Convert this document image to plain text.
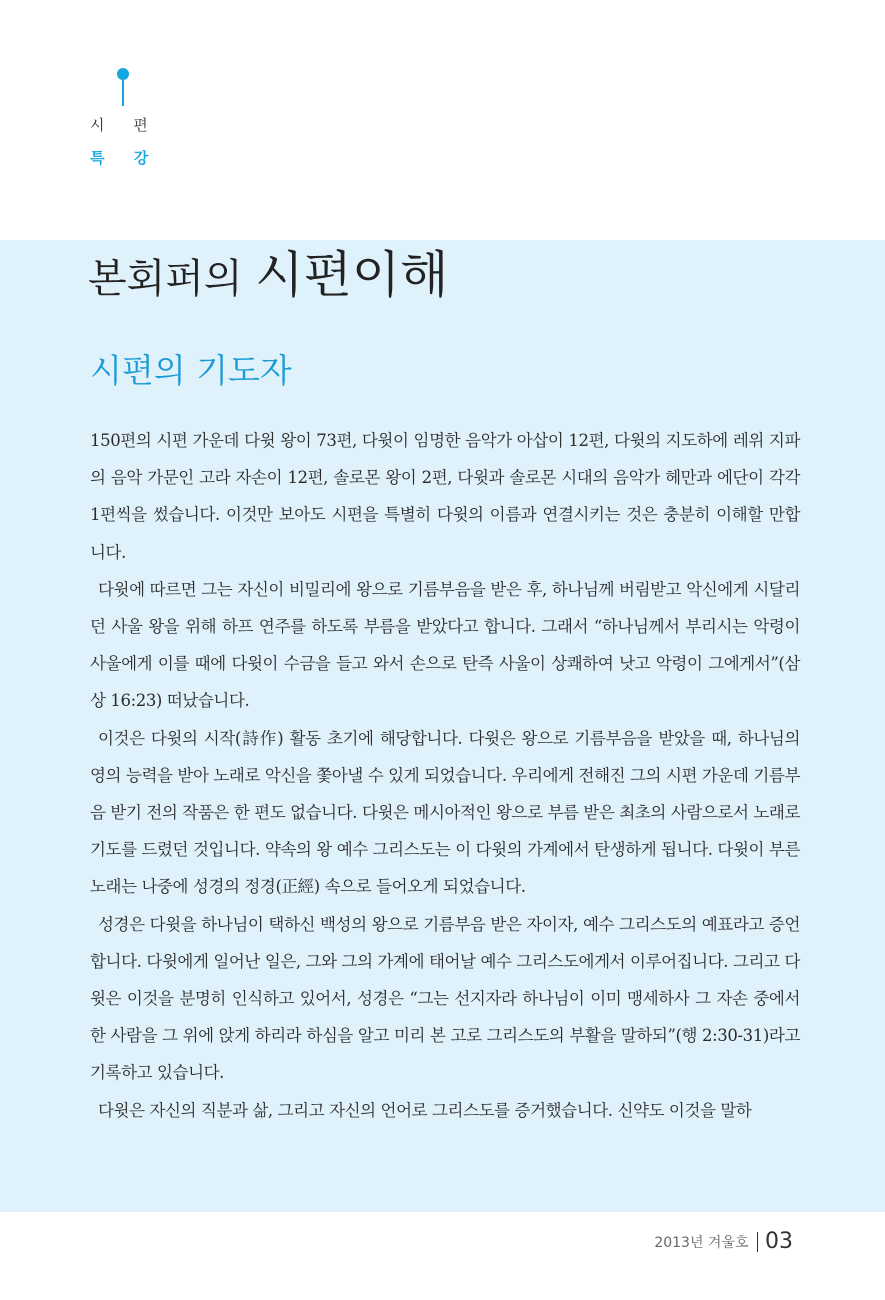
시 편
특 강
본회퍼의 시편이해
시편의 기도자

150편의 시편 가운데 다윗 왕이 73편, 다윗이 임명한 음악가 아삽이 12편, 다윗의 지도하에 레위 지파의 음악 가문인 고라 자손이 12편, 솔로몬 왕이 2편, 다윗과 솔로몬 시대의 음악가 헤만과 에단이 각각 1편씩을 썼습니다. 이것만 보아도 시편을 특별히 다윗의 이름과 연결시키는 것은 충분히 이해할 만합니다.

다윗에 따르면 그는 자신이 비밀리에 왕으로 기름부음을 받은 후, 하나님께 버림받고 악신에게 시달리던 사울 왕을 위해 하프 연주를 하도록 부름을 받았다고 합니다. 그래서 “하나님께서 부리시는 악령이 사울에게 이를 때에 다윗이 수금을 들고 와서 손으로 탄즉 사울이 상쾌하여 낫고 악령이 그에게서”(삼상 16:23) 떠났습니다.

이것은 다윗의 시작(詩作) 활동 초기에 해당합니다. 다윗은 왕으로 기름부음을 받았을 때, 하나님의 영의 능력을 받아 노래로 악신을 쫓아낼 수 있게 되었습니다. 우리에게 전해진 그의 시편 가운데 기름부음 받기 전의 작품은 한 편도 없습니다. 다윗은 메시아적인 왕으로 부름 받은 최초의 사람으로서 노래로 기도를 드렸던 것입니다. 약속의 왕 예수 그리스도는 이 다윗의 가계에서 탄생하게 됩니다. 다윗이 부른 노래는 나중에 성경의 정경(正經) 속으로 들어오게 되었습니다.

성경은 다윗을 하나님이 택하신 백성의 왕으로 기름부음 받은 자이자, 예수 그리스도의 예표라고 증언합니다. 다윗에게 일어난 일은, 그와 그의 가계에 태어날 예수 그리스도에게서 이루어집니다. 그리고 다윗은 이것을 분명히 인식하고 있어서, 성경은 “그는 선지자라 하나님이 이미 맹세하사 그 자손 중에서 한 사람을 그 위에 앉게 하리라 하심을 알고 미리 본 고로 그리스도의 부활을 말하되”(행 2:30-31)라고 기록하고 있습니다.

다윗은 자신의 직분과 삶, 그리고 자신의 언어로 그리스도를 증거했습니다. 신약도 이것을 말하

2013년 겨울호 03
